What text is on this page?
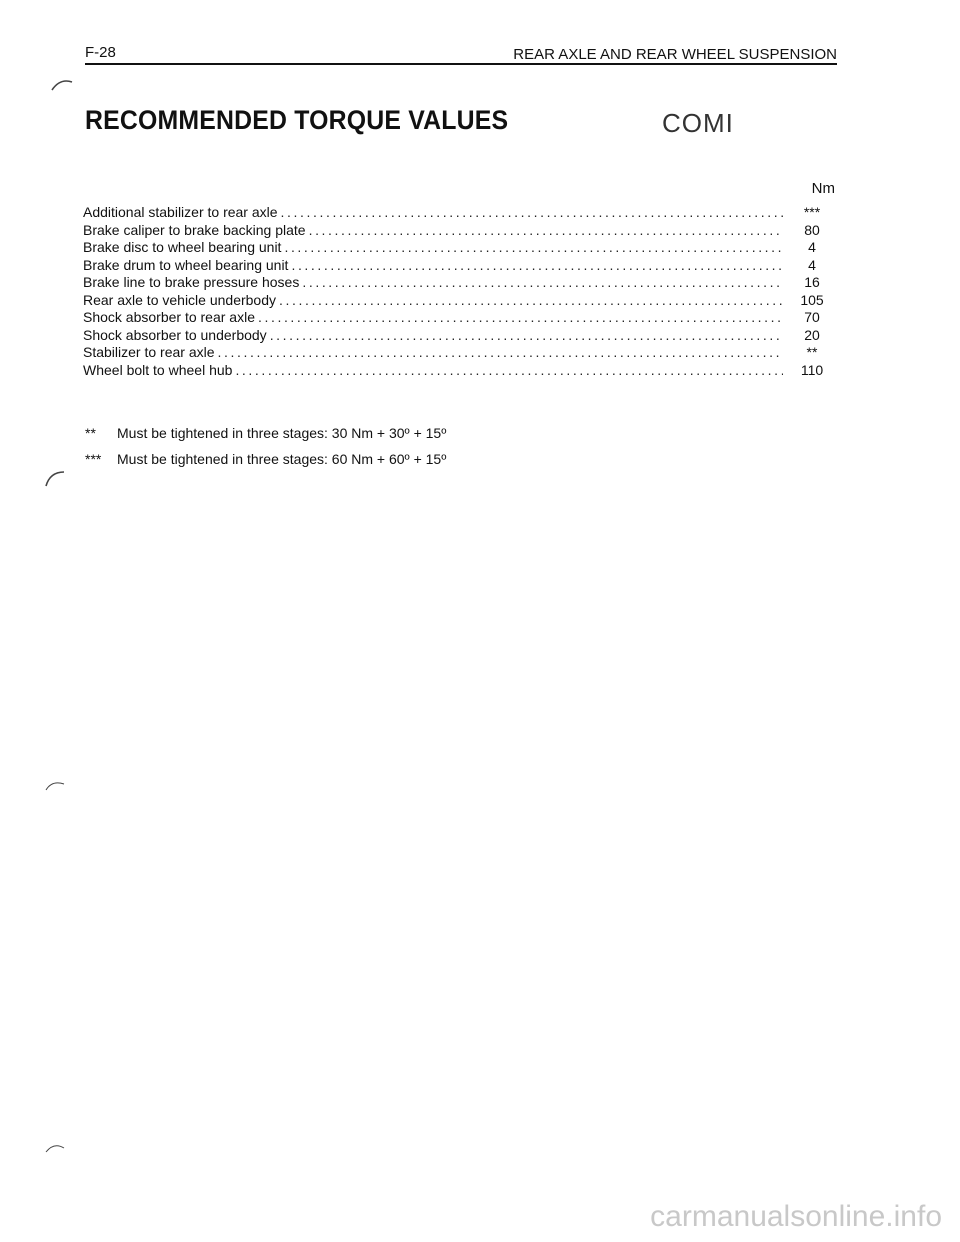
F-28	REAR AXLE AND REAR WHEEL SUSPENSION
RECOMMENDED TORQUE VALUES	COMI
Nm
Additional stabilizer to rear axle .....	***
Brake caliper to brake backing plate .....	80
Brake disc to wheel bearing unit .....	4
Brake drum to wheel bearing unit .....	4
Brake line to brake pressure hoses .....	16
Rear axle to vehicle underbody .....	105
Shock absorber to rear axle .....	70
Shock absorber to underbody .....	20
Stabilizer to rear axle .....	**
Wheel bolt to wheel hub .....	110
**	Must be tightened in three stages: 30 Nm + 30º + 15º
***	Must be tightened in three stages: 60 Nm + 60º + 15º
carmanualsonline.info
